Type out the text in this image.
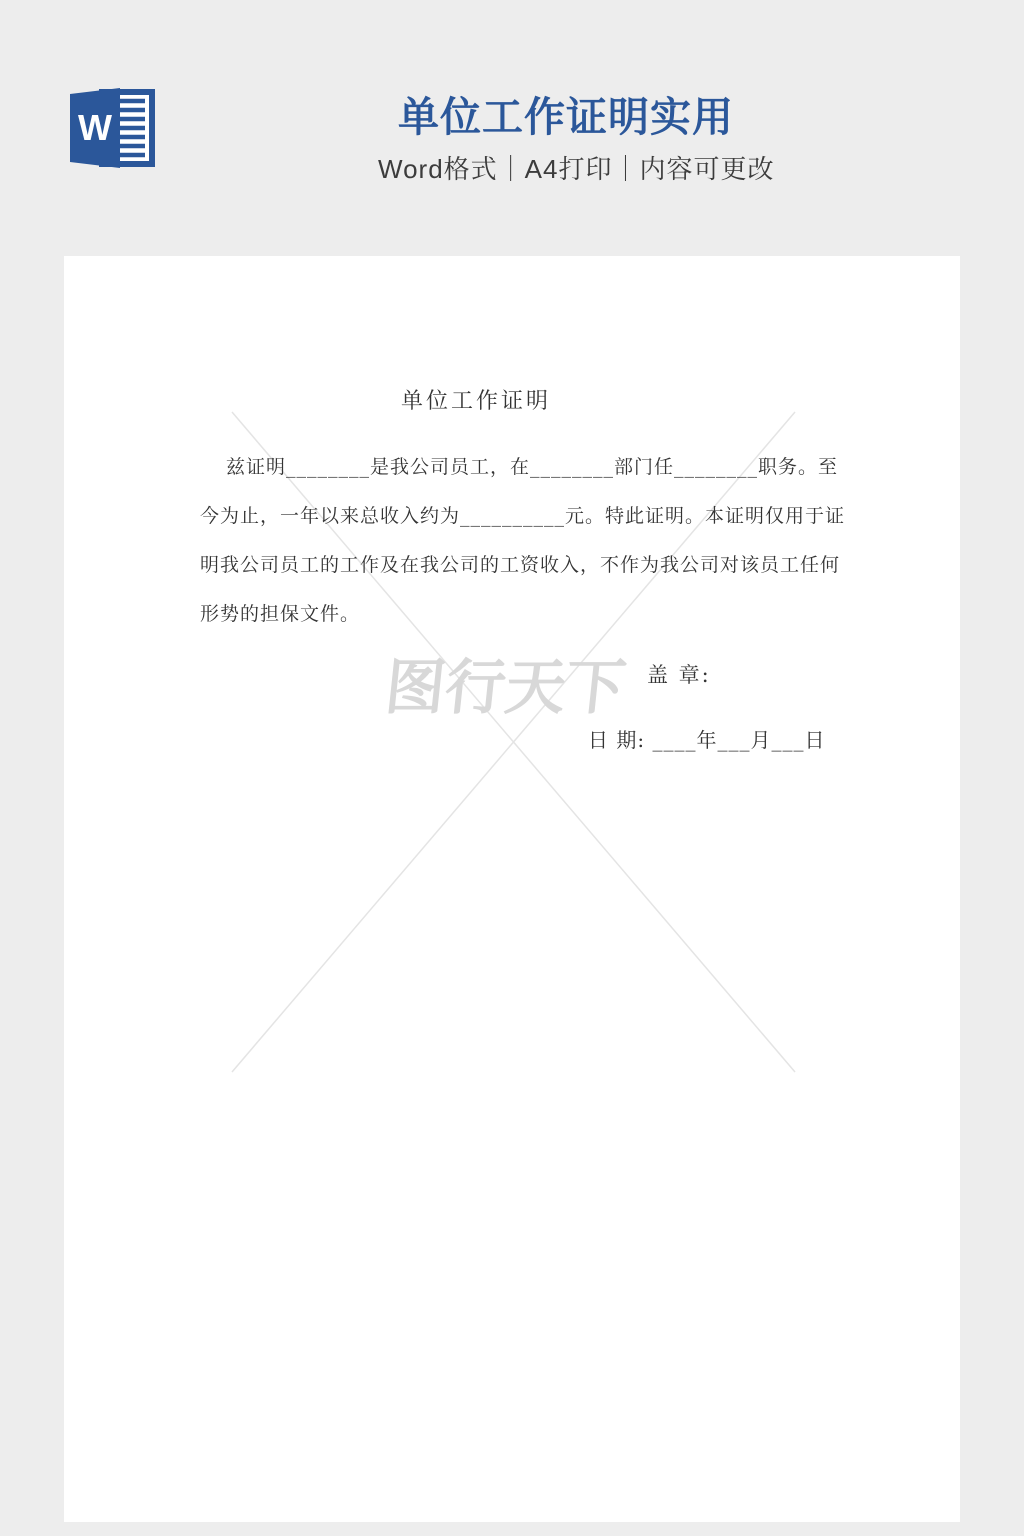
W	单位工作证明实用
Word格式｜A4打印｜内容可更改
图行天下
单位工作证明
兹证明________是我公司员工，在________部门任________职务。至
今为止，一年以来总收入约为__________元。特此证明。本证明仅用于证
明我公司员工的工作及在我公司的工资收入，不作为我公司对该员工任何
形势的担保文件。
盖 章:
日 期: ____年___月___日
